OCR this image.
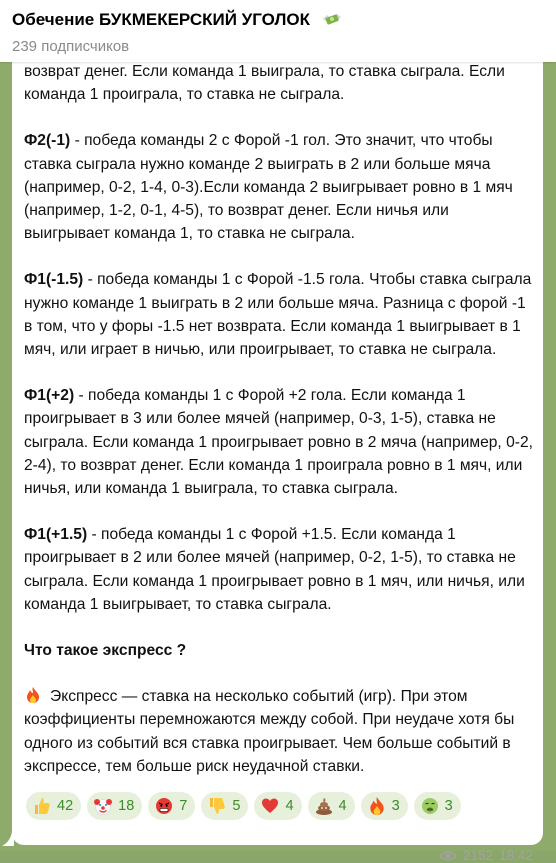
Обечение БУКМЕКЕРСКИЙ УГОЛОК
239 подписчиков

возврат денег. Если команда 1 выиграла, то ставка сыграла. Если команда 1 проиграла, то ставка не сыграла.

Ф2(-1) - победа команды 2 с Форой -1 гол. Это значит, что чтобы ставка сыграла нужно команде 2 выиграть в 2 или больше мяча (например, 0-2, 1-4, 0-3).Если команда 2 выигрывает ровно в 1 мяч (например, 1-2, 0-1, 4-5), то возврат денег. Если ничья или выигрывает команда 1, то ставка не сыграла.

Ф1(-1.5) - победа команды 1 с Форой -1.5 гола. Чтобы ставка сыграла нужно команде 1 выиграть в 2 или больше мяча. Разница с форой -1 в том, что у форы -1.5 нет возврата. Если команда 1 выигрывает в 1 мяч, или играет в ничью, или проигрывает, то ставка не сыграла.

Ф1(+2) - победа команды 1 с Форой +2 гола. Если команда 1 проигрывает в 3 или более мячей (например, 0-3, 1-5), ставка не сыграла. Если команда 1 проигрывает ровно в 2 мяча (например, 0-2, 2-4), то возврат денег. Если команда 1 проиграла ровно в 1 мяч, или ничья, или команда 1 выиграла, то ставка сыграла.

Ф1(+1.5) - победа команды 1 с Форой +1.5. Если команда 1 проигрывает в 2 или более мячей (например, 0-2, 1-5), то ставка не сыграла. Если команда 1 проигрывает ровно в 1 мяч, или ничья, или команда 1 выигрывает, то ставка сыграла.

Что такое экспресс ?

Экспресс — ставка на несколько событий (игр). При этом коэффициенты перемножаются между собой. При неудаче хотя бы одного из событий вся ставка проигрывает. Чем больше событий в экспрессе, тем больше риск неудачной ставки.

42	18	7	5	4	4	3	3
2152 18:42
